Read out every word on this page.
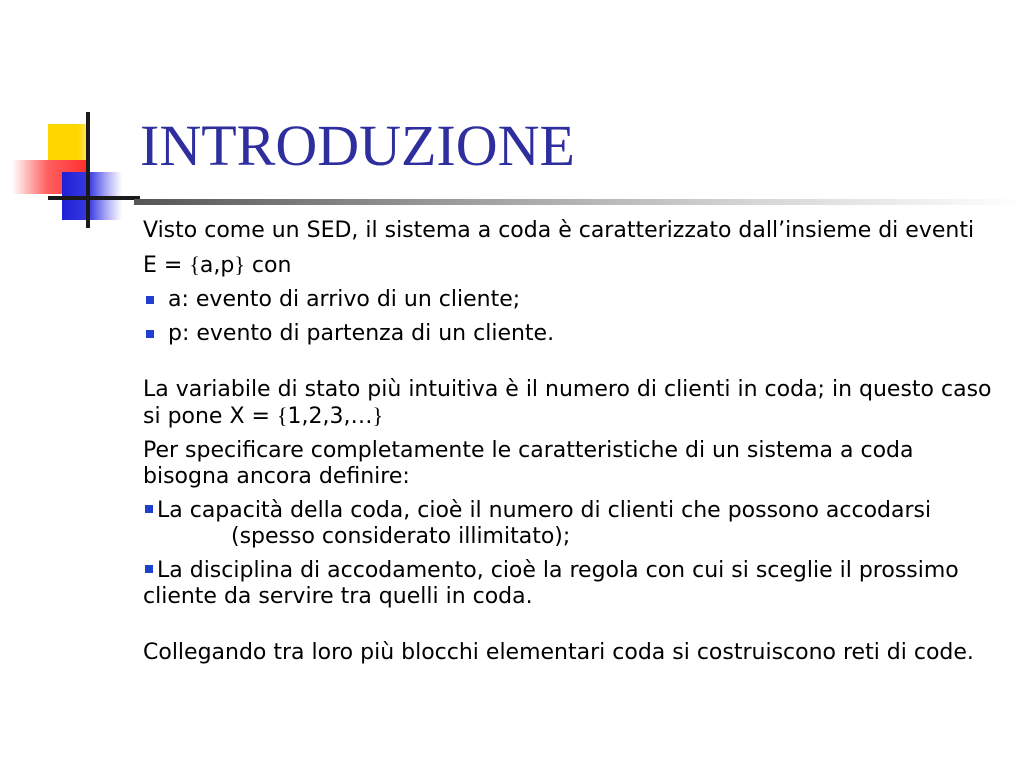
INTRODUZIONE

Visto come un SED, il sistema a coda è caratterizzato dall’insieme di eventi

E = {a,p} con

a: evento di arrivo di un cliente;
p: evento di partenza di un cliente.

La variabile di stato più intuitiva è il numero di clienti in coda; in questo caso si pone X = {1,2,3,…}

Per specificare completamente le caratteristiche di un sistema a coda bisogna ancora definire:

La capacità della coda, cioè il numero di clienti che possono accodarsi(spesso considerato illimitato);

La disciplina di accodamento, cioè la regola con cui si sceglie il prossimo cliente da servire tra quelli in coda.

Collegando tra loro più blocchi elementari coda si costruiscono reti di code.
